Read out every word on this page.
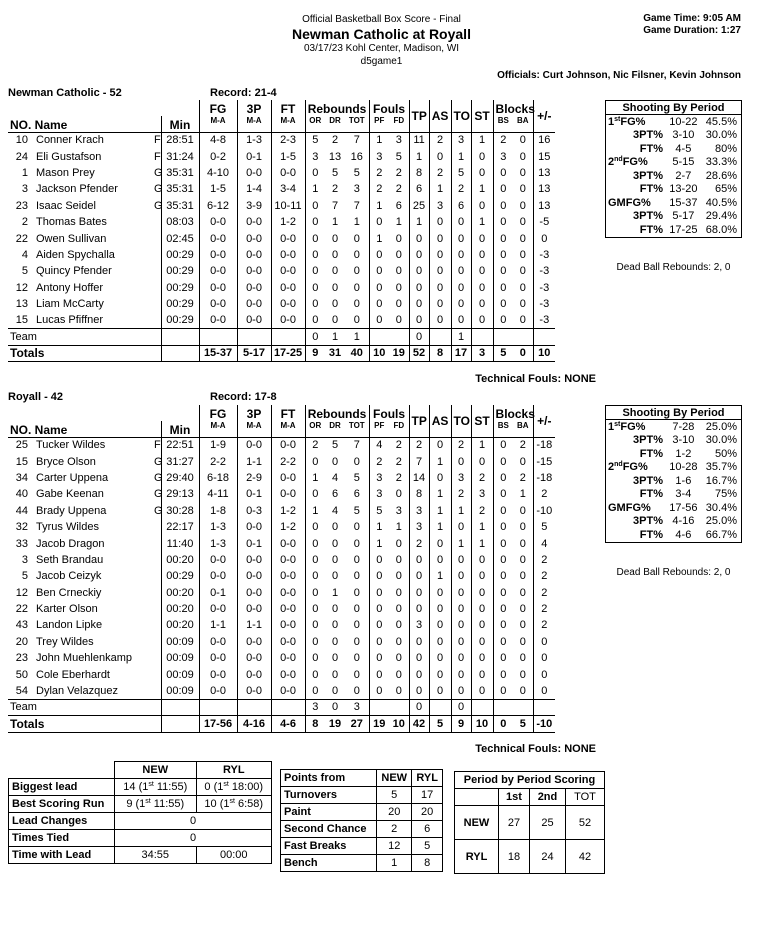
Official Basketball Box Score - Final
Newman Catholic at Royall
03/17/23 Kohl Center, Madison, WI
d5game1
Game Time: 9:05 AM
Game Duration: 1:27
Officials: Curt Johnson, Nic Filsner, Kevin Johnson
Newman Catholic - 52	Record: 21-4
				FG	3P	FT	Rebounds			Fouls		TP	AS	TO	ST	Blocks		+/-
NO. Name			Min	M-A	M-A	M-A	OR	DR	TOT	PF	FD					BS	BA	
10	Conner Krach	F	28:51	4-8	1-3	2-3	5	2	7	1	3	11	2	3	1	2	0	16
24	Eli Gustafson	F	31:24	0-2	0-1	1-5	3	13	16	3	5	1	0	1	0	3	0	15
1	Mason Prey	G	35:31	4-10	0-0	0-0	0	5	5	2	2	8	2	5	0	0	0	13
3	Jackson Pfender	G	35:31	1-5	1-4	3-4	1	2	3	2	2	6	1	2	1	0	0	13
23	Isaac Seidel	G	35:31	6-12	3-9	10-11	0	7	7	1	6	25	3	6	0	0	0	13
2	Thomas Bates		08:03	0-0	0-0	1-2	0	1	1	0	1	1	0	0	1	0	0	-5
22	Owen Sullivan		02:45	0-0	0-0	0-0	0	0	0	1	0	0	0	0	0	0	0	0
4	Aiden Spychalla		00:29	0-0	0-0	0-0	0	0	0	0	0	0	0	0	0	0	0	-3
5	Quincy Pfender		00:29	0-0	0-0	0-0	0	0	0	0	0	0	0	0	0	0	0	-3
12	Antony Hoffer		00:29	0-0	0-0	0-0	0	0	0	0	0	0	0	0	0	0	0	-3
13	Liam McCarty		00:29	0-0	0-0	0-0	0	0	0	0	0	0	0	0	0	0	0	-3
15	Lucas Pfiffner		00:29	0-0	0-0	0-0	0	0	0	0	0	0	0	0	0	0	0	-3
Team							0	1	1			0		1				
Totals				15-37	5-17	17-25	9	31	40	10	19	52	8	17	3	5	0	10
Shooting By Period
1stFG%	10-22	45.5%
3PT%	3-10	30.0%
FT%	4-5	80%
2ndFG%	5-15	33.3%
3PT%	2-7	28.6%
FT%	13-20	65%
GMFG%	15-37	40.5%
3PT%	5-17	29.4%
FT%	17-25	68.0%
Dead Ball Rebounds: 2, 0
Technical Fouls: NONE
Royall - 42	Record: 17-8
				FG	3P	FT	Rebounds			Fouls		TP	AS	TO	ST	Blocks		+/-
NO. Name			Min	M-A	M-A	M-A	OR	DR	TOT	PF	FD					BS	BA	
25	Tucker Wildes	F	22:51	1-9	0-0	0-0	2	5	7	4	2	2	0	2	1	0	2	-18
15	Bryce Olson	G	31:27	2-2	1-1	2-2	0	0	0	2	2	7	1	0	0	0	0	-15
34	Carter Uppena	G	29:40	6-18	2-9	0-0	1	4	5	3	2	14	0	3	2	0	2	-18
40	Gabe Keenan	G	29:13	4-11	0-1	0-0	0	6	6	3	0	8	1	2	3	0	1	2
44	Brady Uppena	G	30:28	1-8	0-3	1-2	1	4	5	5	3	3	1	1	2	0	0	-10
32	Tyrus Wildes		22:17	1-3	0-0	1-2	0	0	0	1	1	3	1	0	1	0	0	5
33	Jacob Dragon		11:40	1-3	0-1	0-0	0	0	0	1	0	2	0	1	1	0	0	4
3	Seth Brandau		00:20	0-0	0-0	0-0	0	0	0	0	0	0	0	0	0	0	0	2
5	Jacob Ceizyk		00:29	0-0	0-0	0-0	0	0	0	0	0	0	1	0	0	0	0	2
12	Ben Crneckiy		00:20	0-1	0-0	0-0	0	1	0	0	0	0	0	0	0	0	0	2
22	Karter Olson		00:20	0-0	0-0	0-0	0	0	0	0	0	0	0	0	0	0	0	2
43	Landon Lipke		00:20	1-1	1-1	0-0	0	0	0	0	0	3	0	0	0	0	0	2
20	Trey Wildes		00:09	0-0	0-0	0-0	0	0	0	0	0	0	0	0	0	0	0	0
23	John Muehlenkamp		00:09	0-0	0-0	0-0	0	0	0	0	0	0	0	0	0	0	0	0
50	Cole Eberhardt		00:09	0-0	0-0	0-0	0	0	0	0	0	0	0	0	0	0	0	0
54	Dylan Velazquez		00:09	0-0	0-0	0-0	0	0	0	0	0	0	0	0	0	0	0	0
Team							3	0	3			0		0				
Totals				17-56	4-16	4-6	8	19	27	19	10	42	5	9	10	0	5	-10
Shooting By Period
1stFG%	7-28	25.0%
3PT%	3-10	30.0%
FT%	1-2	50%
2ndFG%	10-28	35.7%
3PT%	1-6	16.7%
FT%	3-4	75%
GMFG%	17-56	30.4%
3PT%	4-16	25.0%
FT%	4-6	66.7%
Dead Ball Rebounds: 2, 0
Technical Fouls: NONE
	NEW	RYL
Biggest lead	14 (1st 11:55)	0 (1st 18:00)
Best Scoring Run	9 (1st 11:55)	10 (1st 6:58)
Lead Changes	0	
Times Tied	0	
Time with Lead	34:55	00:00
Points from	NEW	RYL
Turnovers	5	17
Paint	20	20
Second Chance	2	6
Fast Breaks	12	5
Bench	1	8
Period by Period Scoring			
	1st	2nd	TOT
NEW	27	25	52
RYL	18	24	42
